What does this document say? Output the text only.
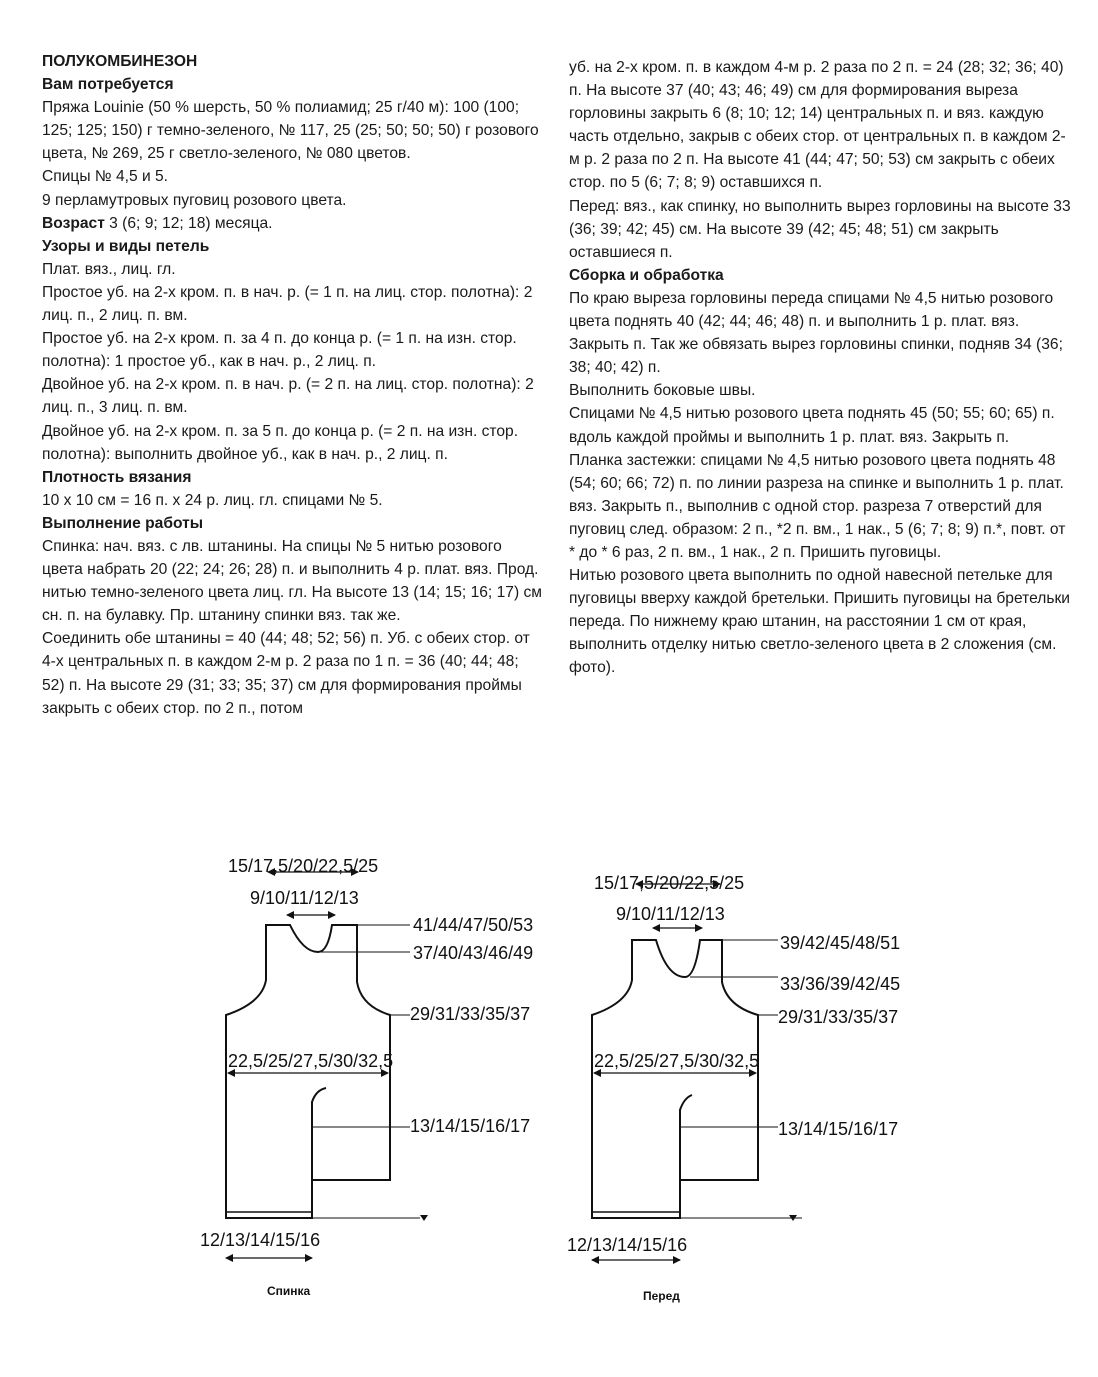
ПОЛУКОМБИНЕЗОН
Вам потребуется

Пряжа Louinie (50 % шерсть, 50 % полиамид; 25 г/40 м): 100 (100; 125; 125; 150) г темно-зеленого, № 117, 25 (25; 50; 50; 50) г розового цвета, № 269, 25 г светло-зеленого, № 080 цветов.

Спицы № 4,5 и 5.

9 перламутровых пуговиц розового цвета.

Возраст 3 (6; 9; 12; 18) месяца.

Узоры и виды петель

Плат. вяз., лиц. гл.

Простое уб. на 2-х кром. п. в нач. р. (= 1 п. на лиц. стор. полотна): 2 лиц. п., 2 лиц. п. вм.

Простое уб. на 2-х кром. п. за 4 п. до конца р. (= 1 п. на изн. стор. полотна): 1 простое уб., как в нач. р., 2 лиц. п.

Двойное уб. на 2-х кром. п. в нач. р. (= 2 п. на лиц. стор. полотна): 2 лиц. п., 3 лиц. п. вм.

Двойное уб. на 2-х кром. п. за 5 п. до конца р. (= 2 п. на изн. стор. полотна): выполнить двойное уб., как в нач. р., 2 лиц. п.

Плотность вязания

10 x 10 см = 16 п. x 24 р. лиц. гл. спицами № 5.

Выполнение работы

Спинка: нач. вяз. с лв. штанины. На спицы № 5 нитью розового цвета набрать 20 (22; 24; 26; 28) п. и выполнить 4 р. плат. вяз. Прод. нитью темно-зеленого цвета лиц. гл. На высоте 13 (14; 15; 16; 17) см сн. п. на булавку. Пр. штанину спинки вяз. так же.

Соединить обе штанины = 40 (44; 48; 52; 56) п. Уб. с обеих стор. от 4-х центральных п. в каждом 2-м р. 2 раза по 1 п. = 36 (40; 44; 48; 52) п. На высоте 29 (31; 33; 35; 37) см для формирования проймы закрыть с обеих стор. по 2 п., потом

уб. на 2-х кром. п. в каждом 4-м р. 2 раза по 2 п. = 24 (28; 32; 36; 40) п. На высоте 37 (40; 43; 46; 49) см для формирования выреза горловины закрыть 6 (8; 10; 12; 14) центральных п. и вяз. каждую часть отдельно, закрыв с обеих стор. от центральных п. в каждом 2-м р. 2 раза по 2 п. На высоте 41 (44; 47; 50; 53) см закрыть с обеих стор. по 5 (6; 7; 8; 9) оставшихся п.

Перед: вяз., как спинку, но выполнить вырез горловины на высоте 33 (36; 39; 42; 45) см. На высоте 39 (42; 45; 48; 51) см закрыть оставшиеся п.

Сборка и обработка

По краю выреза горловины переда спицами № 4,5 нитью розового цвета поднять 40 (42; 44; 46; 48) п. и выполнить 1 р. плат. вяз. Закрыть п. Так же обвязать вырез горловины спинки, подняв 34 (36; 38; 40; 42) п.

Выполнить боковые швы.

Спицами № 4,5 нитью розового цвета поднять 45 (50; 55; 60; 65) п. вдоль каждой проймы и выполнить 1 р. плат. вяз. Закрыть п.

Планка застежки: спицами № 4,5 нитью розового цвета поднять 48 (54; 60; 66; 72) п. по линии разреза на спинке и выполнить 1 р. плат. вяз. Закрыть п., выполнив с одной стор. разреза 7 отверстий для пуговиц след. образом: 2 п., *2 п. вм., 1 нак., 5 (6; 7; 8; 9) п.*, повт. от * до * 6 раз, 2 п. вм., 1 нак., 2 п. Пришить пуговицы.

Нитью розового цвета выполнить по одной навесной петельке для пуговицы вверху каждой бретельки. Пришить пуговицы на бретельки переда. По нижнему краю штанин, на расстоянии 1 см от края, выполнить отделку нитью светло-зеленого цвета в 2 сложения (см. фото).

15/17,5/20/22,5/25
9/10/11/12/13
41/44/47/50/53
37/40/43/46/49
29/31/33/35/37
22,5/25/27,5/30/32,5
13/14/15/16/17
12/13/14/15/16
Спинка
15/17,5/20/22,5/25
9/10/11/12/13
39/42/45/48/51
33/36/39/42/45
29/31/33/35/37
22,5/25/27,5/30/32,5
13/14/15/16/17
12/13/14/15/16
Перед
